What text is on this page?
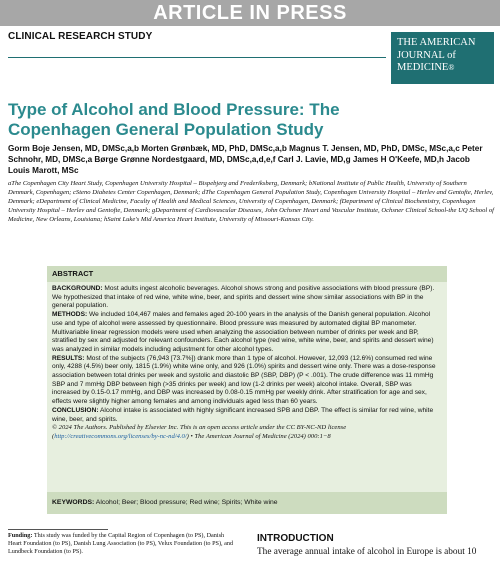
ARTICLE IN PRESS
CLINICAL RESEARCH STUDY
THE AMERICAN
JOURNAL of
MEDICINE®
Type of Alcohol and Blood Pressure: The Copenhagen General Population Study
Gorm Boje Jensen, MD, DMSc,a,b Morten Grønbæk, MD, PhD, DMSc,a,b Magnus T. Jensen, MD, PhD, DMSc, MSc,a,c Peter Schnohr, MD, DMSc,a Børge Grønne Nordestgaard, MD, DMSc,a,d,e,f Carl J. Lavie, MD,g James H O'Keefe, MD,h Jacob Louis Marott, MSc
aThe Copenhagen City Heart Study, Copenhagen University Hospital – Bispebjerg and Frederiksberg, Denmark; bNational Institute of Public Health, University of Southern Denmark, Copenhagen; cSteno Diabetes Center Copenhagen, Denmark; dThe Copenhagen General Population Study, Copenhagen University Hospital – Herlev and Gentofte, Herlev, Denmark; eDepartment of Clinical Medicine, Faculty of Health and Medical Sciences, University of Copenhagen, Denmark; fDepartment of Clinical Biochemistry, Copenhagen University Hospital – Herlev and Gentofte, Denmark; gDepartment of Cardiovascular Diseases, John Ochsner Heart and Vascular Institute, Ochsner Clinical School-the UQ School of Medicine, New Orleans, Louisiana; hSaint Luke's Mid America Heart Institute, University of Missouri-Kansas City.
ABSTRACT

BACKGROUND: Most adults ingest alcoholic beverages. Alcohol shows strong and positive associations with blood pressure (BP). We hypothesized that intake of red wine, white wine, beer, and spirits and dessert wine show similar associations with BP in the general population.

METHODS: We included 104,467 males and females aged 20-100 years in the analysis of the Danish general population. Alcohol use and type of alcohol were assessed by questionnaire. Blood pressure was measured by automated digital BP manometer. Multivariable linear regression models were used when analyzing the association between number of drinks per week and BP, stratified by sex and adjusted for relevant confounders. Each alcohol type (red wine, white wine, beer, and spirits and dessert wine) was analyzed in similar models including adjustment for other alcohol types.

RESULTS: Most of the subjects (76,943 [73.7%]) drank more than 1 type of alcohol. However, 12,093 (12.6%) consumed red wine only, 4288 (4.5%) beer only, 1815 (1.9%) white wine only, and 926 (1.0%) spirits and dessert wine only. There was a dose-response association between total drinks per week and systolic and diastolic BP (SBP, DBP) (P < .001). The crude difference was 11 mmHg SBP and 7 mmHg DBP between high (>35 drinks per week) and low (1-2 drinks per week) alcohol intake. Overall, SBP was increased by 0.15-0.17 mmHg, and DBP was increased by 0.08-0.15 mmHg per weekly drink. After stratification for age and sex, effects were slightly higher among females and among individuals aged less than 60 years.

CONCLUSION: Alcohol intake is associated with highly significant increased SPB and DBP. The effect is similar for red wine, white wine, beer, and spirits.

© 2024 The Authors. Published by Elsevier Inc. This is an open access article under the CC BY-NC-ND license (http://creativecommons.org/licenses/by-nc-nd/4.0/) • The American Journal of Medicine (2024) 000:1−8

KEYWORDS: Alcohol; Beer; Blood pressure; Red wine; Spirits; White wine
Funding: This study was funded by the Capital Region of Copenhagen (to PS), Danish Heart Foundation (to PS), Danish Lung Association (to PS), Velux Foundation (to PS), and Lundbeck Foundation (to PS).
INTRODUCTION
The average annual intake of alcohol in Europe is about 10
